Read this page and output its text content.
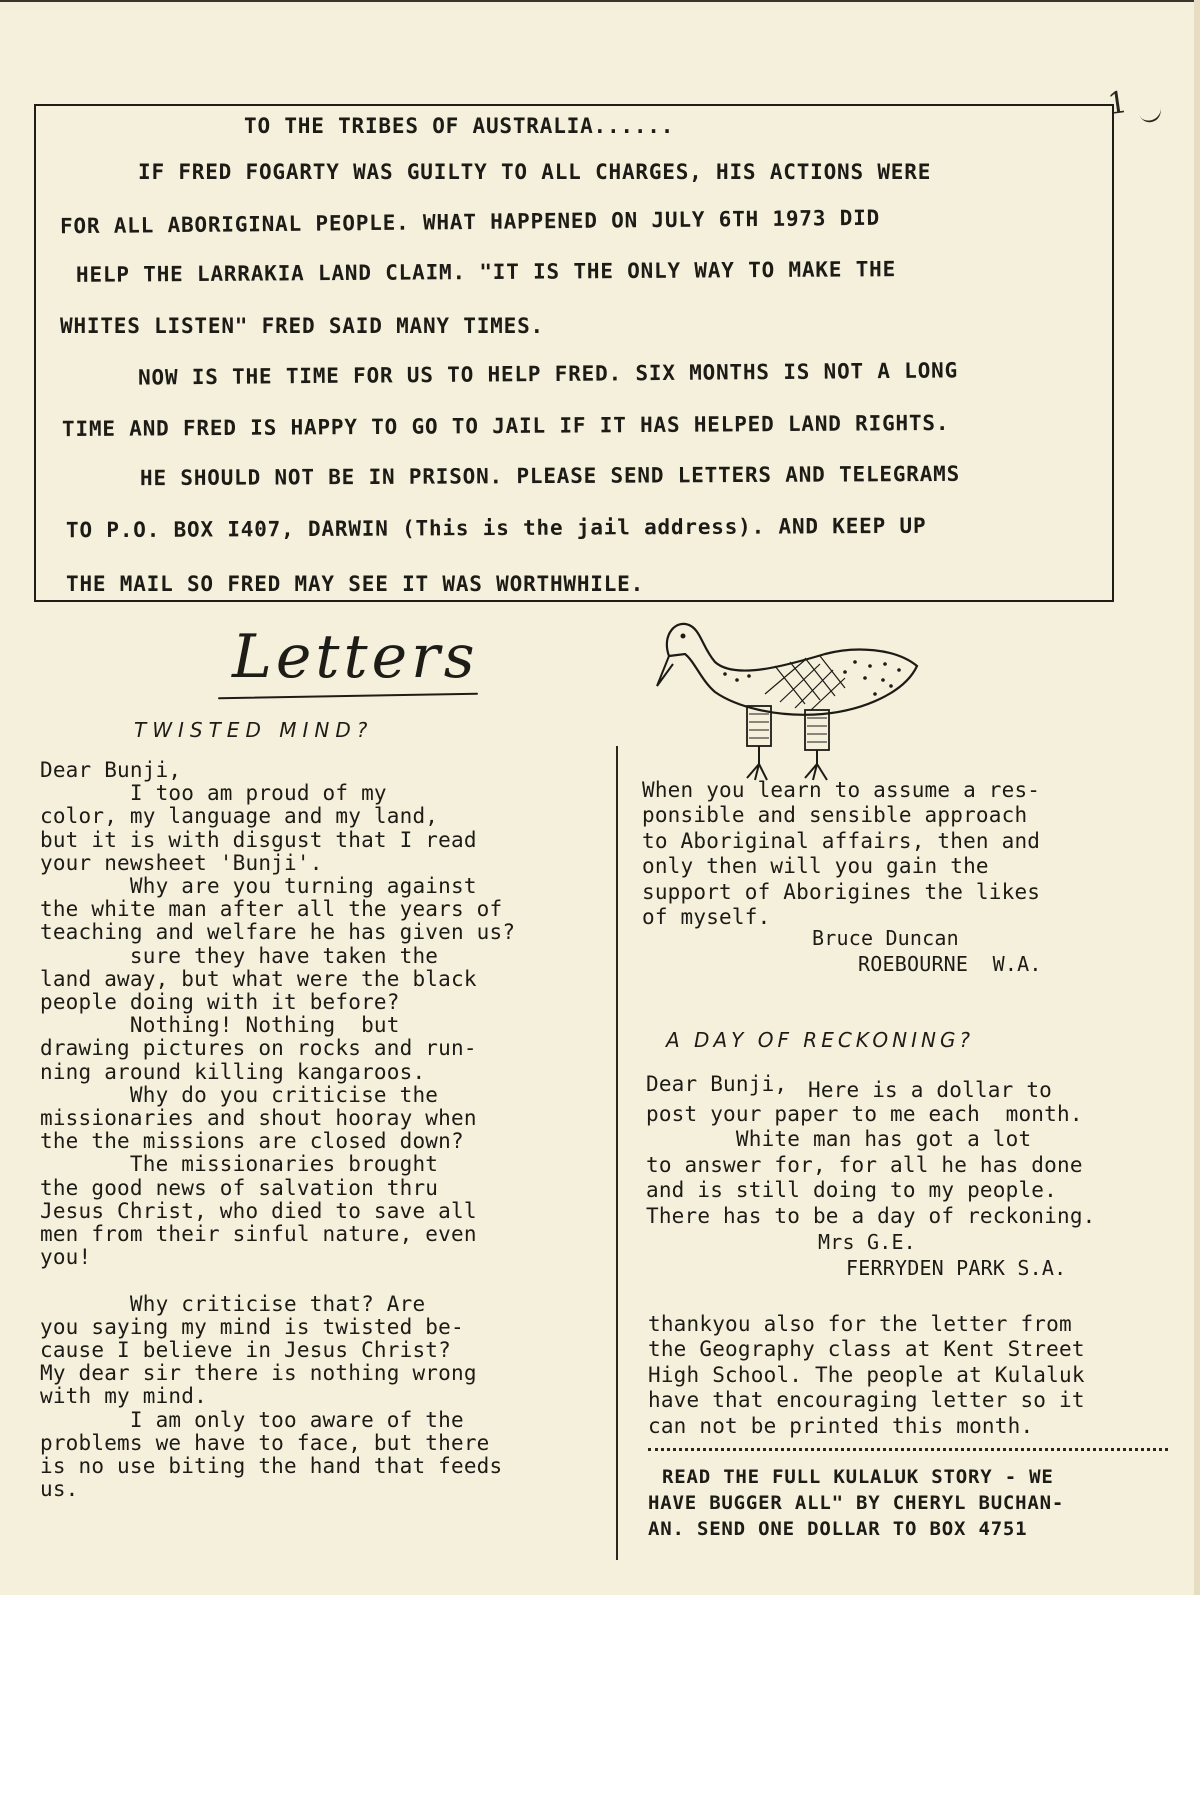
1
TO THE TRIBES OF AUSTRALIA......
IF FRED FOGARTY WAS GUILTY TO ALL CHARGES, HIS ACTIONS WERE
FOR ALL ABORIGINAL PEOPLE. WHAT HAPPENED ON JULY 6TH 1973 DID
HELP THE LARRAKIA LAND CLAIM. "IT IS THE ONLY WAY TO MAKE THE
WHITES LISTEN" FRED SAID MANY TIMES.
NOW IS THE TIME FOR US TO HELP FRED. SIX MONTHS IS NOT A LONG
TIME AND FRED IS HAPPY TO GO TO JAIL IF IT HAS HELPED LAND RIGHTS.
HE SHOULD NOT BE IN PRISON. PLEASE SEND LETTERS AND TELEGRAMS
TO P.O. BOX I407, DARWIN (This is the jail address). AND KEEP UP
THE MAIL SO FRED MAY SEE IT WAS WORTHWHILE.
Letters
TWISTED MIND?
Dear Bunji,
I too am proud of my
color, my language and my land,
but it is with disgust that I read
your newsheet 'Bunji'.
Why are you turning against
the white man after all the years of
teaching and welfare he has given us?
sure they have taken the
land away, but what were the black
people doing with it before?
Nothing! Nothing  but
drawing pictures on rocks and run-
ning around killing kangaroos.
Why do you criticise the
missionaries and shout hooray when
the the missions are closed down?
The missionaries brought
the good news of salvation thru
Jesus Christ, who died to save all
men from their sinful nature, even
you!
Why criticise that? Are
you saying my mind is twisted be-
cause I believe in Jesus Christ?
My dear sir there is nothing wrong
with my mind.
I am only too aware of the
problems we have to face, but there
is no use biting the hand that feeds
us.
When you learn to assume a res-
ponsible and sensible approach
to Aboriginal affairs, then and
only then will you gain the
support of Aborigines the likes
of myself.
Bruce Duncan
ROEBOURNE  W.A.
A DAY OF RECKONING?
Dear Bunji,
post your paper to me each  month.
White man has got a lot
to answer for, for all he has done
and is still doing to my people.
There has to be a day of reckoning.
Here is a dollar to
Mrs G.E.
FERRYDEN PARK S.A.
thankyou also for the letter from
the Geography class at Kent Street
High School. The people at Kulaluk
have that encouraging letter so it
can not be printed this month.
READ THE FULL KULALUK STORY - WE
HAVE BUGGER ALL" BY CHERYL BUCHAN-
AN. SEND ONE DOLLAR TO BOX 4751
